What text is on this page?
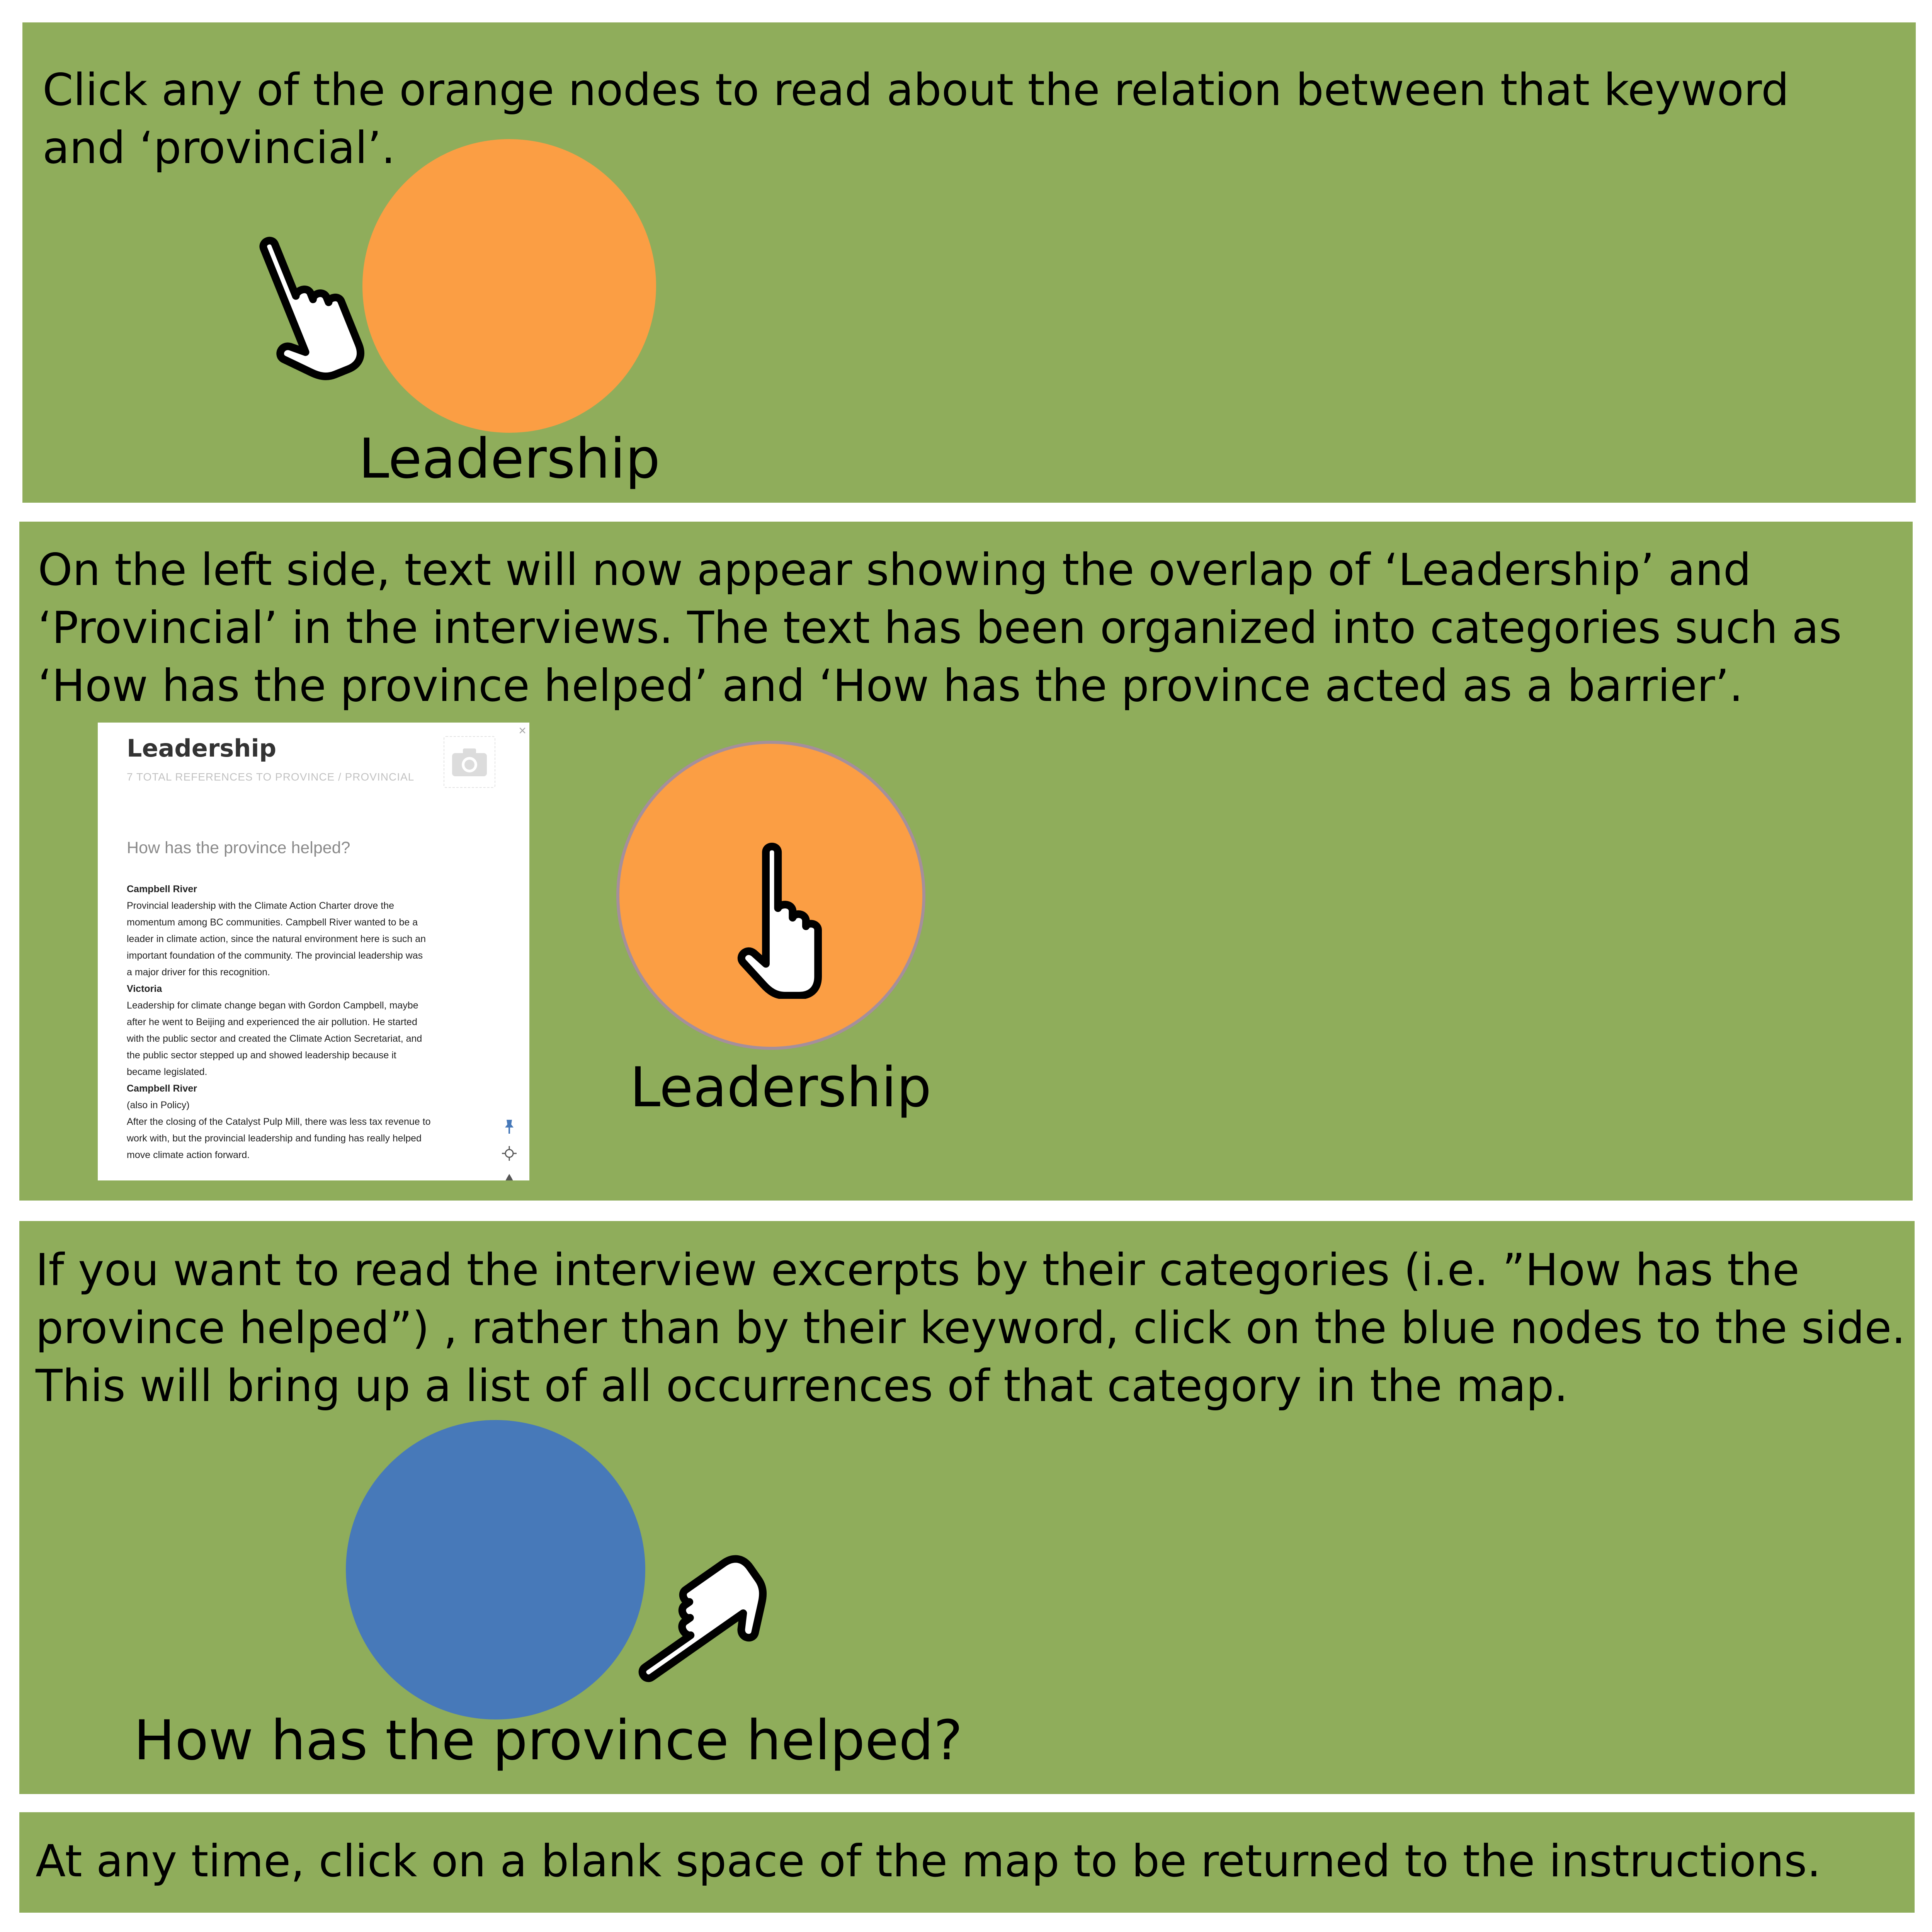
Click any of the orange nodes to read about the relation between that keyword

and ‘provincial’.

Leadership

On the left side, text will now appear showing the overlap of ‘Leadership’ and

‘Provincial’ in the interviews. The text has been organized into categories such as

‘How has the province helped’ and ‘How has the province acted as a barrier’.

×
Leadership

7 TOTAL REFERENCES TO PROVINCE / PROVINCIAL

How has the province helped?

Campbell River
Provincial leadership with the Climate Action Charter drove the
momentum among BC communities. Campbell River wanted to be a
leader in climate action, since the natural environment here is such an
important foundation of the community. The provincial leadership was
a major driver for this recognition.
Victoria
Leadership for climate change began with Gordon Campbell, maybe
after he went to Beijing and experienced the air pollution. He started
with the public sector and created the Climate Action Secretariat, and
the public sector stepped up and showed leadership because it
became legislated.
Campbell River
(also in Policy)
After the closing of the Catalyst Pulp Mill, there was less tax revenue to
work with, but the provincial leadership and funding has really helped
move climate action forward.
Leadership

If you want to read the interview excerpts by their categories (i.e. ”How has the

province helped”) , rather than by their keyword, click on the blue nodes to the side.

This will bring up a list of all occurrences of that category in the map.

How has the province helped?

At any time, click on a blank space of the map to be returned to the instructions.
